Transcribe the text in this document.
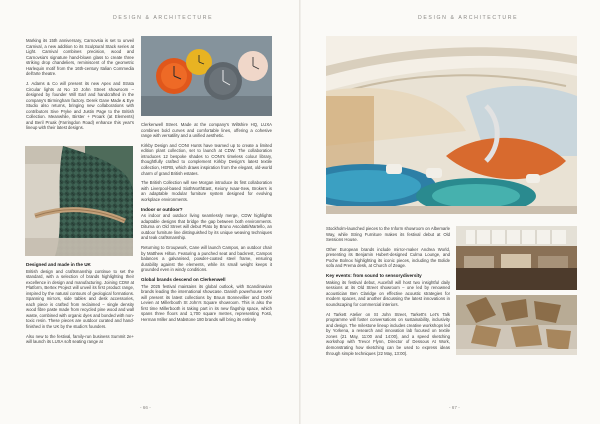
DESIGN & ARCHITECTURE	DESIGN & ARCHITECTURE

Marking its 15th anniversary, Carnovsia is set to unveil Carnival, a new addition to its Sculptural Stack series at Light. Carnival combines precision, wood and Carnovsia's signature hand-blown glass to create three striking drop chandeliers, reminiscent of the geometric Harlequin motif from the 16th-century Italian Commedia dell'arte theatre.

J. Adams & Co will present its new Apex and Strata Circular lights at No 10 John Street showroom – designed by founder Will Earl and handcrafted in the company's Birmingham factory. Derek Gane Made & Eye Studio also returns, bringing new collaborations with contributors Sive Pryke and Justin Page to the British Collection. Meanwhile, Birster + Proark (at Elements) and Beril Pruak (Farringdon Road) enhance this year's lineup with their latest designs.

Designed and made in the UK

British design and craftsmanship continue to set the standard, with a selection of brands highlighting their excellence in design and manufacturing. Joining CDW at Platform, Bertex Project will unveil its first product range, inspired by the natural contours of geological formations. Spanning mirrors, side tables and desk accessories, each piece is crafted from reclaimed – single density wood fibre paste made from recycled pine wood and wall waste, combined with organic dyes and bonded with non-toxic resin. These pieces are outdoor curated and hand-finished in the UK by the studio's founders.

Also new to the festival, family-run business Summit 2e+ will launch its LUXA soft seating range at

Clerkenwell Street. Made at the company's Wiltshire HQ, LUXA combines bold curves and comfortable lines, offering a cohesive range with versatility and a unified aesthetic.

Kirkby Design and CONI Hunts have teamed up to create a limited edition plant collection, set to launch at CDW. The collaboration introduces 12 bespoke shades to CONI's timeless colour library, thoughtfully crafted to complement Kirkby Design's latest textile collection, HERB, which draws inspiration from the elegant, old-world charm of grand British estates.

The British Collection will see Morgan introduce its first collaboration with Liverpool-based SixthNorthEast, Keiony Ivaar-Sew, Brokers is an adaptable modular furniture system designed for evolving workplace environments.

Indoor or outdoor?

As indoor and outdoor living seamlessly merge, CDW highlights adaptable designs that bridge the gap between both environments. Dituma on Old Street will debut Plato by Bruno Ascolatti/Martello, an outdoor furniture line distinguished by its unique weaving techniques and teak craftsmanship.

Returning to Groupwork, Cane will launch Campos, an outdoor chair by Matthew Hilton. Featuring a punched seat and backrest, Campos balances a galvanised, powder-coated steel frame, ensuring durability against the elements, while its small weight keeps it grounded even in windy conditions.

Global brands descend on Clerkenwell

The 2025 festival maintains its global outlook, with Scandinavian brands leading the international showcase. Danish powerhouse HAY will present its latest collections by Bruun Bonnevillier and Doshi Levien at Millerbooth St John's Square showroom. This is also the first time Millerbooth is taking part in its new flagship space, which spans three floors and 1,700 square metres, representing Fosti, Herman Miller and Mabstone 180 brands will bring its entirely

Stockholm-launched pieces to the Inform showroom on Albemarle Way, while String Furniture makes its festival debut at Old Sessions House.

Other European brands include mirror-maker Andrea World, presenting its Benjamin Hubert-designed Culma Lounge, and Poche Bolnox highlighting its iconic pieces, including the Bolide sofa and Prema desk, at Church of Zeage.

Key events: from sound to sensorydiversity

Making its festival debut, Aucefall will host two insightful daily sessions at its Old Street showroom – one led by renowned acoustician Ben Claridge on effective acoustic strategies for modern spaces, and another discussing the latest innovations in soundscaping for commercial interiors.

At Tarkett Atelier on St John Street, Tarkett's Let's Talk programme will foster conversations on sustainability, inclusivity and design. The milestone lineup includes creative workshops led by Yorkena, a research and innovation lab focused on textile zones (21 May, 11:00 and 14:00), and a speed sketching workshop with Trevor Flynn, Director of Dessous At Work, demonstrating how sketching can be used to express ideas through simple techniques (22 May, 13:00).

- 66 -	- 67 -
